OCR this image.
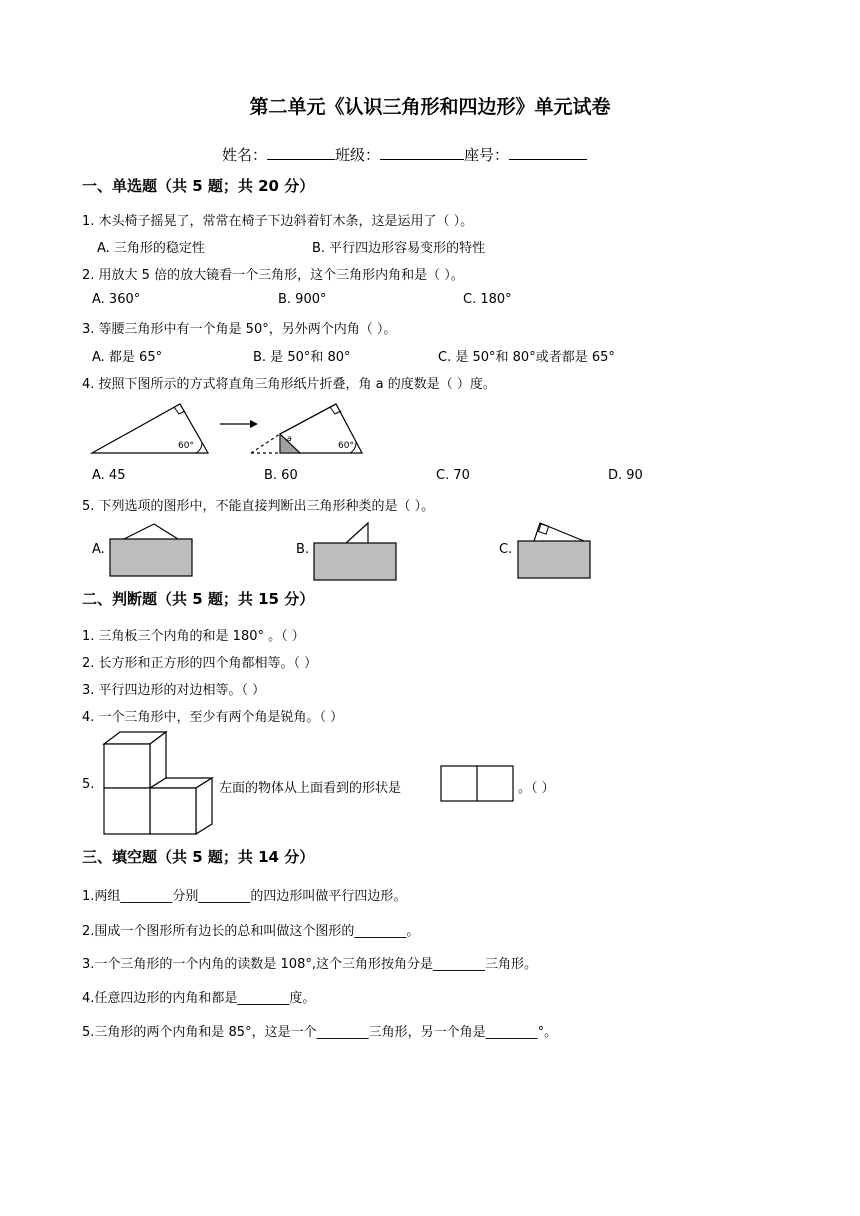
第二单元《认识三角形和四边形》单元试卷
姓名：	班级：	座号：
一、单选题（共 5 题；共 20 分）
1. 木头椅子摇晃了，常常在椅子下边斜着钉木条，这是运用了（ ）。
A. 三角形的稳定性	B. 平行四边形容易变形的特性
2. 用放大 5 倍的放大镜看一个三角形，这个三角形内角和是（ ）。
A. 360°	B. 900°	C. 180°
3. 等腰三角形中有一个角是 50°，另外两个内角（ ）。
A. 都是 65°	B. 是 50°和 80°	C. 是 50°和 80°或者都是 65°
4. 按照下图所示的方式将直角三角形纸片折叠，角 a 的度数是（ ）度。
60°	60°
a
A. 45	B. 60	C. 70	D. 90
5. 下列选项的图形中，不能直接判断出三角形种类的是（ ）。
A.	B.	C.
二、判断题（共 5 题；共 15 分）
1. 三角板三个内角的和是 180° 。（ ）
2. 长方形和正方形的四个角都相等。（ ）
3. 平行四边形的对边相等。（ ）
4. 一个三角形中，至少有两个角是锐角。（ ）
5.	左面的物体从上面看到的形状是	。（ ）
三、填空题（共 5 题；共 14 分）
1.两组________分别________的四边形叫做平行四边形。
2.围成一个图形所有边长的总和叫做这个图形的________。
3.一个三角形的一个内角的读数是 108°,这个三角形按角分是________三角形。
4.任意四边形的内角和都是________度。
5.三角形的两个内角和是 85°，这是一个________三角形，另一个角是________°。
